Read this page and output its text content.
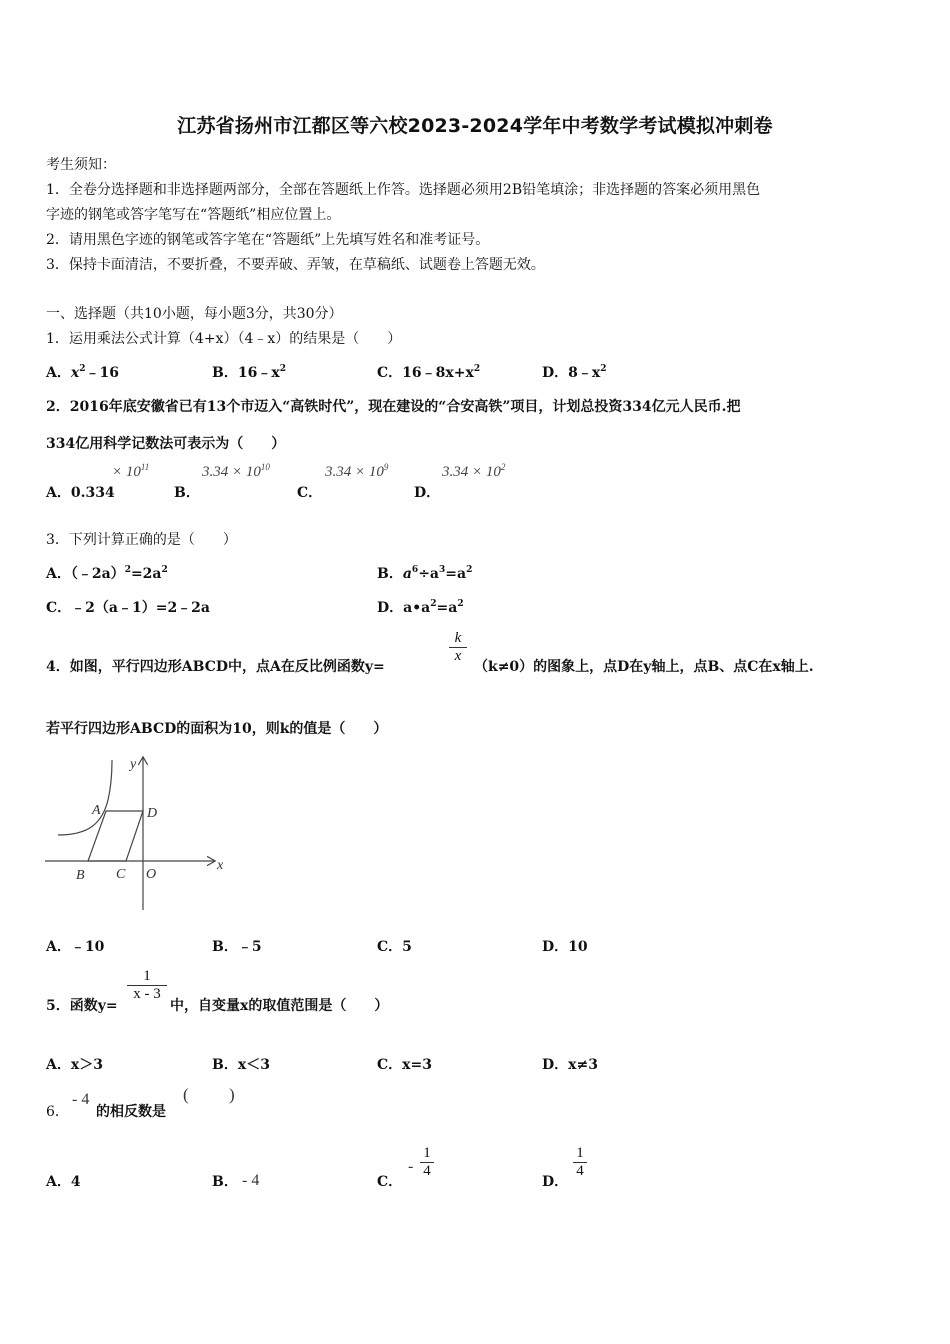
江苏省扬州市江都区等六校2023-2024学年中考数学考试模拟冲刺卷
考生须知：
1．全卷分选择题和非选择题两部分，全部在答题纸上作答。选择题必须用2B铅笔填涂；非选择题的答案必须用黑色
字迹的钢笔或答字笔写在“答题纸”相应位置上。
2．请用黑色字迹的钢笔或答字笔在“答题纸”上先填写姓名和准考证号。
3．保持卡面清洁，不要折叠，不要弄破、弄皱，在草稿纸、试题卷上答题无效。
一、选择题（共10小题，每小题3分，共30分）
1．运用乘法公式计算（4+x）（4﹣x）的结果是（　　）
A．$x^2﹣16$	B．$16﹣x^2$	C．$16﹣8x+x^2$	D．$8﹣x^2$
2．2016年底安徽省已有13个市迈入“高铁时代”，现在建设的“合安高铁”项目，计划总投资334亿元人民币.把
334亿用科学记数法可表示为（　　）
A．0.334
× $10^{11}$
B．
$3.34 \times 10^{10}$
C．
$3.34 \times 10^9$
D．
$3.34 \times 10^2$
3．下列计算正确的是（　　）
A．$(﹣2a)^2=2a^2$	B．$a^6\div a^3=a^2$
C．﹣2（a﹣1）=2﹣2a	D．$a•a^2=a^2$
4．如图，平行四边形ABCD中，点A在反比例函数y=
k
x
（k≠0）的图象上，点D在y轴上，点B、点C在x轴上.
若平行四边形ABCD的面积为10，则k的值是（　　）
A	D
B C O
x
y
A．﹣10	B．﹣5	C．5	D．10
5．函数y=
1
x - 3
中，自变量x的取值范围是（　　）
A．x＞3	B．x＜3	C．x=3	D．x≠3
6．
- 4
的相反数是
( )
A．4	B． - 4	C．
-
1
4
D．
1
4
